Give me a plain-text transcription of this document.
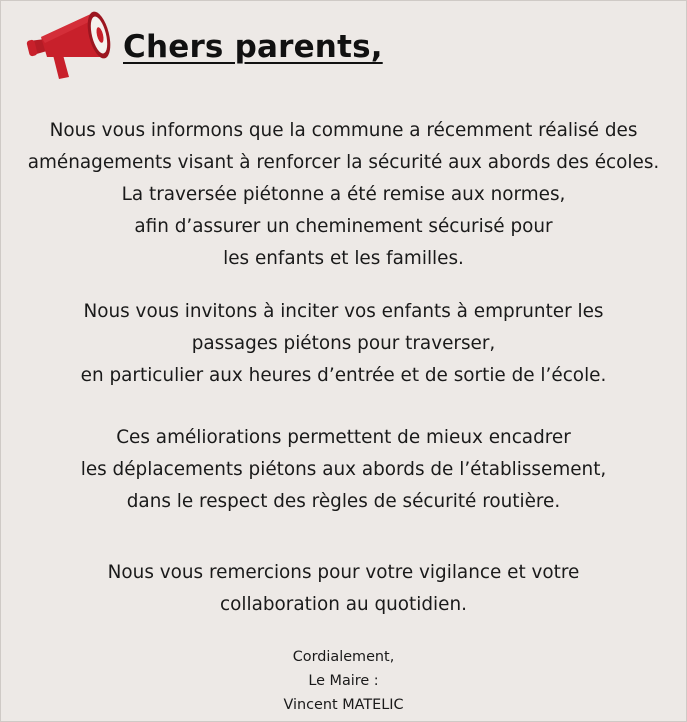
Chers parents,
Nous vous informons que la commune a récemment réalisé des
aménagements visant à renforcer la sécurité aux abords des écoles.
La traversée piétonne a été remise aux normes,
afin d’assurer un cheminement sécurisé pour
les enfants et les familles.
Nous vous invitons à inciter vos enfants à emprunter les
passages piétons pour traverser,
en particulier aux heures d’entrée et de sortie de l’école.
Ces améliorations permettent de mieux encadrer
les déplacements piétons aux abords de l’établissement,
dans le respect des règles de sécurité routière.
Nous vous remercions pour votre vigilance et votre
collaboration au quotidien.
Cordialement,
Le Maire :
Vincent MATELIC
